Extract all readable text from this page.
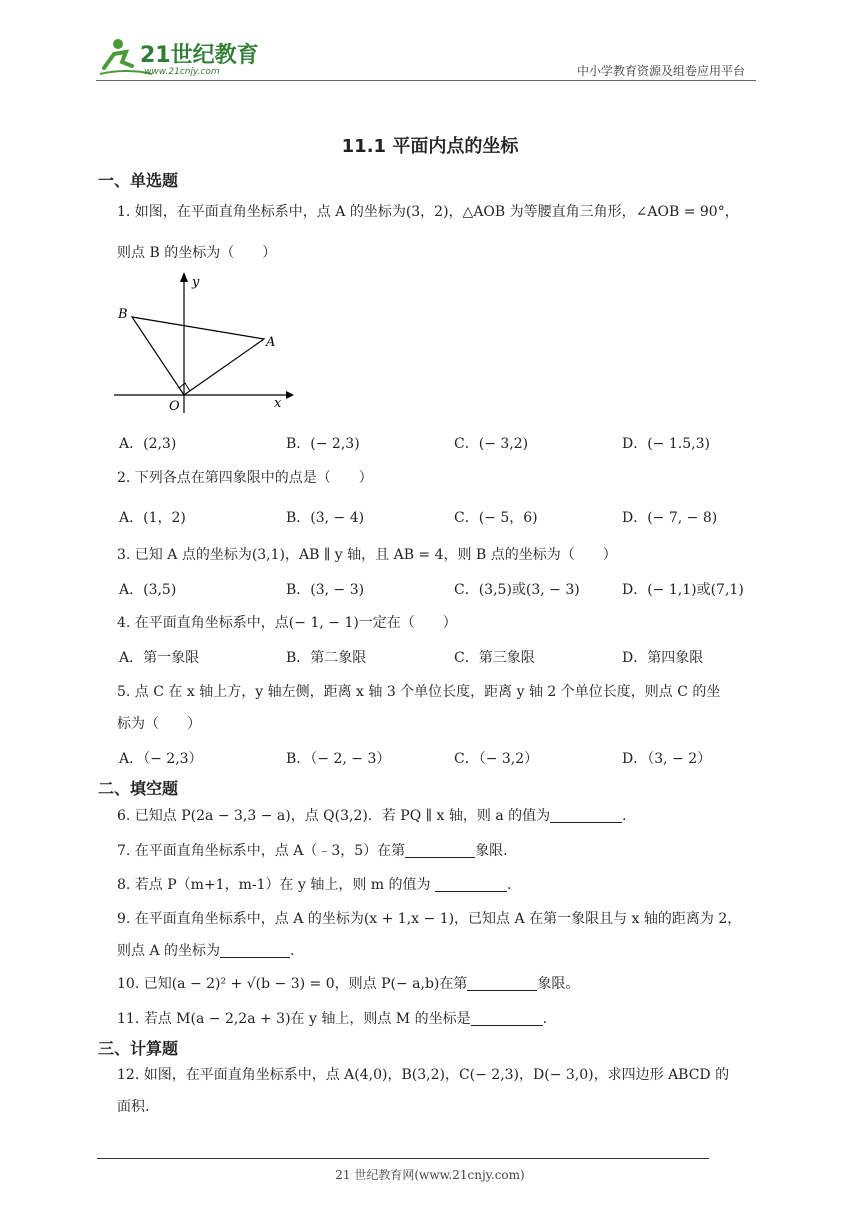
21世纪教育
www.21cnjy.com	中小学教育资源及组卷应用平台
11.1 平面内点的坐标
一、单选题
1. 如图，在平面直角坐标系中，点 A 的坐标为(3，2)，△AOB 为等腰直角三角形，∠AOB = 90°，
则点 B 的坐标为（　　）
y
x
O
A
B
A．(2,3)	B．(− 2,3)	C．(− 3,2)	D．(− 1.5,3)
2. 下列各点在第四象限中的点是（　　）
A．(1，2)	B．(3, − 4)	C．(− 5，6)	D．(− 7, − 8)
3. 已知 A 点的坐标为(3,1)，AB ∥ y 轴，且 AB = 4，则 B 点的坐标为（　　）
A．(3,5)	B．(3, − 3)	C．(3,5)或(3, − 3)	D．(− 1,1)或(7,1)
4. 在平面直角坐标系中，点(− 1, − 1)一定在（　　）
A．第一象限	B．第二象限	C．第三象限	D．第四象限
5. 点 C 在 x 轴上方，y 轴左侧，距离 x 轴 3 个单位长度，距离 y 轴 2 个单位长度，则点 C 的坐
标为（　　）
A．（− 2,3）	B．（− 2, − 3）	C．（− 3,2）	D．（3, − 2）
二、填空题
6. 已知点 P(2a − 3,3 − a)，点 Q(3,2)．若 PQ ∥ x 轴，则 a 的值为	．
7. 在平面直角坐标系中，点 A（﹣3，5）在第	象限.
8. 若点 P（m+1，m-1）在 y 轴上，则 m 的值为	.
9. 在平面直角坐标系中，点 A 的坐标为(x + 1,x − 1)，已知点 A 在第一象限且与 x 轴的距离为 2，
则点 A 的坐标为	.
10. 已知(a − 2)² + √(b − 3) = 0，则点 P(− a,b)在第	象限。
11. 若点 M(a − 2,2a + 3)在 y 轴上，则点 M 的坐标是	.
三、计算题
12. 如图，在平面直角坐标系中，点 A(4,0)，B(3,2)，C(− 2,3)，D(− 3,0)，求四边形 ABCD 的
面积.
21 世纪教育网(www.21cnjy.com)
